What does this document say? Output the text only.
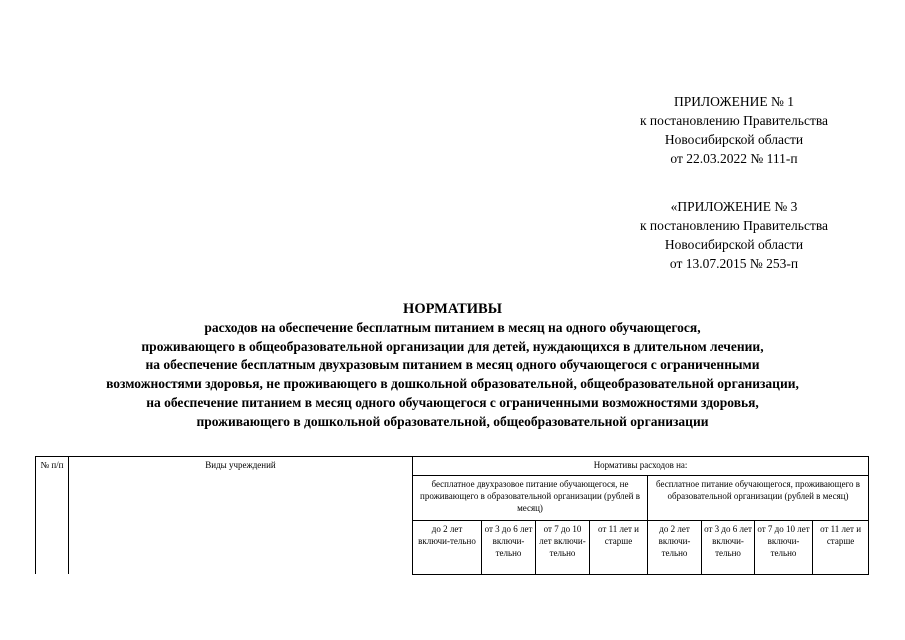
ПРИЛОЖЕНИЕ № 1
к постановлению Правительства
Новосибирской области
от 22.03.2022 № 111-п
«ПРИЛОЖЕНИЕ № 3
к постановлению Правительства
Новосибирской области
от 13.07.2015 № 253-п
НОРМАТИВЫ
расходов на обеспечение бесплатным питанием в месяц на одного обучающегося,
проживающего в общеобразовательной организации для детей, нуждающихся в длительном лечении,
на обеспечение бесплатным двухразовым питанием в месяц одного обучающегося с ограниченными
возможностями здоровья, не проживающего в дошкольной образовательной, общеобразовательной организации,
на обеспечение питанием в месяц одного обучающегося с ограниченными возможностями здоровья,
проживающего в дошкольной образовательной, общеобразовательной организации
№ п/п	Виды учреждений	Нормативы расходов на:							
		бесплатное двухразовое питание обучающегося, не проживающего в образовательной организации (рублей в месяц)				бесплатное питание обучающегося, проживающего в образовательной организации (рублей в месяц)			
		до 2 лет включи-тельно	от 3 до 6 лет включи-тельно	от 7 до 10 лет включи-тельно	от 11 лет и старше	до 2 лет включи-тельно	от 3 до 6 лет включи-тельно	от 7 до 10 лет включи-тельно	от 11 лет и старше
